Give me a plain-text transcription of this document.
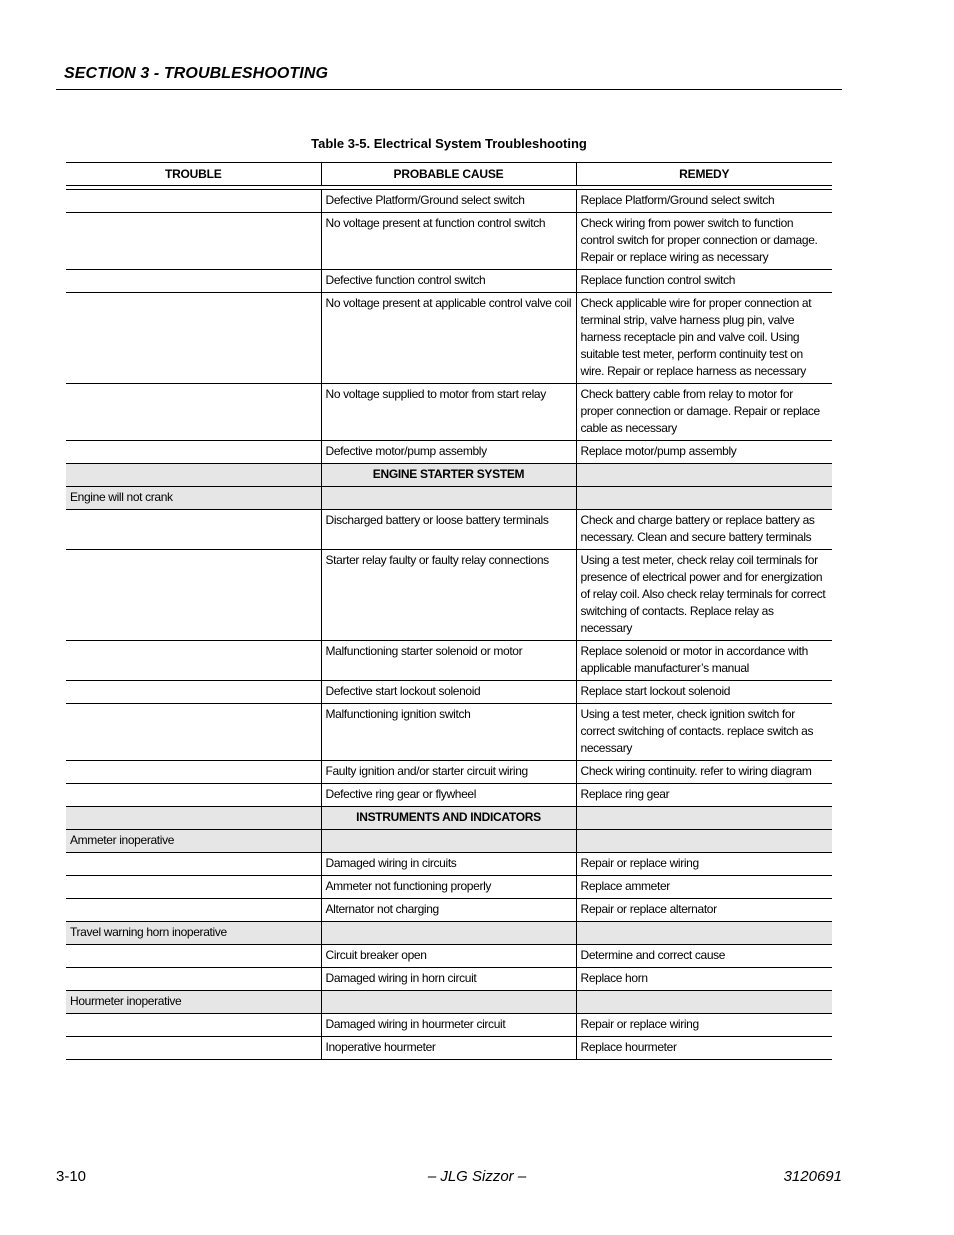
SECTION 3 - TROUBLESHOOTING
Table 3-5. Electrical System Troubleshooting
TROUBLE	PROBABLE CAUSE	REMEDY

	Defective Platform/Ground select switch	Replace Platform/Ground select switch
	No voltage present at function control switch	Check wiring from power switch to function control switch for proper connection or damage. Repair or replace wiring as necessary
	Defective function control switch	Replace function control switch
	No voltage present at applicable control valve coil	Check applicable wire for proper connection at terminal strip, valve harness plug pin, valve harness receptacle pin and valve coil. Using suitable test meter, perform continuity test on wire. Repair or replace harness as necessary
	No voltage supplied to motor from start relay	Check battery cable from relay to motor for proper connection or damage. Repair or replace cable as necessary
	Defective motor/pump assembly	Replace motor/pump assembly
	ENGINE STARTER SYSTEM	
Engine will not crank		
	Discharged battery or loose battery terminals	Check and charge battery or replace battery as necessary. Clean and secure battery terminals
	Starter relay faulty or faulty relay connections	Using a test meter, check relay coil terminals for presence of electrical power and for energization of relay coil. Also check relay terminals for correct switching of contacts. Replace relay as necessary
	Malfunctioning starter solenoid or motor	Replace solenoid or motor in accordance with applicable manufacturer’s manual
	Defective start lockout solenoid	Replace start lockout solenoid
	Malfunctioning ignition switch	Using a test meter, check ignition switch for correct switching of contacts. replace switch as necessary
	Faulty ignition and/or starter circuit wiring	Check wiring continuity. refer to wiring diagram
	Defective ring gear or flywheel	Replace ring gear
	INSTRUMENTS AND INDICATORS	
Ammeter inoperative		
	Damaged wiring in circuits	Repair or replace wiring
	Ammeter not functioning properly	Replace ammeter
	Alternator not charging	Repair or replace alternator
Travel warning horn inoperative		
	Circuit breaker open	Determine and correct cause
	Damaged wiring in horn circuit	Replace horn
Hourmeter inoperative		
	Damaged wiring in hourmeter circuit	Repair or replace wiring
	Inoperative hourmeter	Replace hourmeter
3-10	– JLG Sizzor –	3120691
